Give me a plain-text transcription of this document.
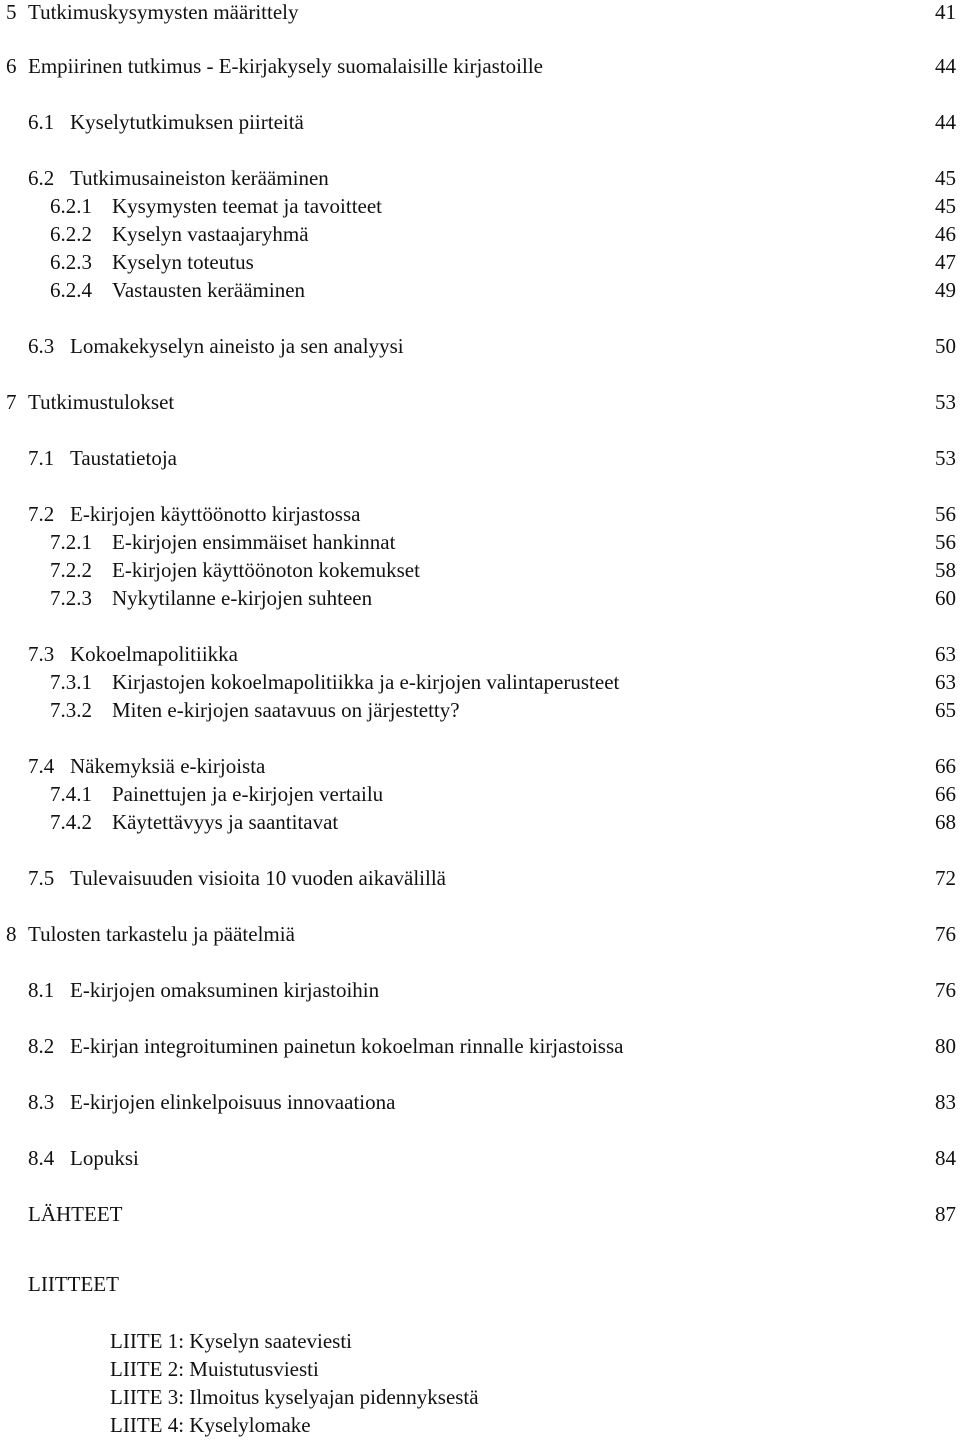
5 Tutkimuskysymysten määrittely	41
6 Empiirinen tutkimus - E-kirjakysely suomalaisille kirjastoille	44
6.1 Kyselytutkimuksen piirteitä	44
6.2 Tutkimusaineiston kerääminen	45
6.2.1 Kysymysten teemat ja tavoitteet	45
6.2.2 Kyselyn vastaajaryhmä	46
6.2.3 Kyselyn toteutus	47
6.2.4 Vastausten kerääminen	49
6.3 Lomakekyselyn aineisto ja sen analyysi	50
7 Tutkimustulokset	53
7.1 Taustatietoja	53
7.2 E-kirjojen käyttöönotto kirjastossa	56
7.2.1 E-kirjojen ensimmäiset hankinnat	56
7.2.2 E-kirjojen käyttöönoton kokemukset	58
7.2.3 Nykytilanne e-kirjojen suhteen	60
7.3 Kokoelmapolitiikka	63
7.3.1 Kirjastojen kokoelmapolitiikka ja e-kirjojen valintaperusteet	63
7.3.2 Miten e-kirjojen saatavuus on järjestetty?	65
7.4 Näkemyksiä e-kirjoista	66
7.4.1 Painettujen ja e-kirjojen vertailu	66
7.4.2 Käytettävyys ja saantitavat	68
7.5 Tulevaisuuden visioita 10 vuoden aikavälillä	72
8 Tulosten tarkastelu ja päätelmiä	76
8.1 E-kirjojen omaksuminen kirjastoihin	76
8.2 E-kirjan integroituminen painetun kokoelman rinnalle kirjastoissa	80
8.3 E-kirjojen elinkelpoisuus innovaationa	83
8.4 Lopuksi	84
LÄHTEET	87
LIITTEET
LIITE 1: Kyselyn saateviesti
LIITE 2: Muistutusviesti
LIITE 3: Ilmoitus kyselyajan pidennyksestä
LIITE 4: Kyselylomake
